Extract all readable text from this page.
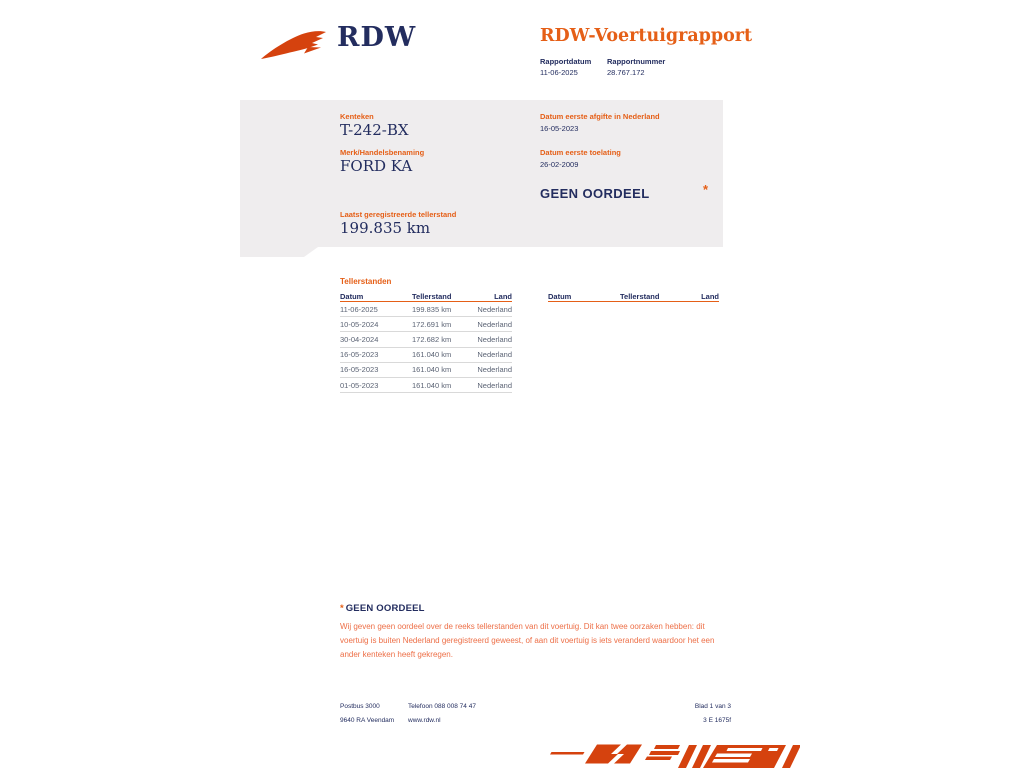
RDW	RDW-Voertuigrapport
Rapportdatum
11-06-2025
Rapportnummer
28.767.172
Kenteken
T-242-BX
Merk/Handelsbenaming
FORD KA
Datum eerste afgifte in Nederland
16-05-2023
Datum eerste toelating
26-02-2009
GEEN OORDEEL	*
Laatst geregistreerde tellerstand
199.835 km
Tellerstanden
Datum	Tellerstand	Land
11-06-2025	199.835 km	Nederland
10-05-2024	172.691 km	Nederland
30-04-2024	172.682 km	Nederland
16-05-2023	161.040 km	Nederland
16-05-2023	161.040 km	Nederland
01-05-2023	161.040 km	Nederland
Datum	Tellerstand	Land
* GEEN OORDEEL
Wij geven geen oordeel over de reeks tellerstanden van dit voertuig. Dit kan twee oorzaken hebben: dit voertuig is buiten Nederland geregistreerd geweest, of aan dit voertuig is iets veranderd waardoor het een ander kenteken heeft gekregen.
Postbus 3000	Telefoon 088 008 74 47	Blad 1 van 3
9640 RA Veendam	www.rdw.nl	3 E 1675f
